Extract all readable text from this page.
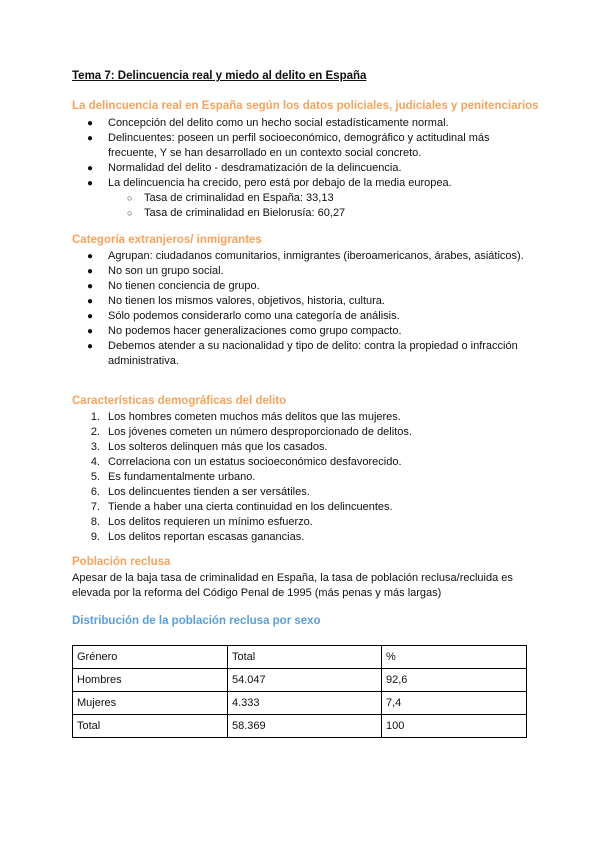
Tema 7: Delincuencia real y miedo al delito en España
La delincuencia real en España según los datos policiales, judiciales y penitenciarios
● Concepción del delito como un hecho social estadísticamente normal.
● Delincuentes: poseen un perfil socioeconómico, demográfico y actitudinal más frecuente, Y se han desarrollado en un contexto social concreto.
● Normalidad del delito - desdramatización de la delincuencia.
● La delincuencia ha crecido, pero está por debajo de la media europea.
○ Tasa de criminalidad en España: 33,13
○ Tasa de criminalidad en Bielorusía: 60,27
Categoría extranjeros/ inmigrantes
● Agrupan: ciudadanos comunitarios, inmigrantes (iberoamericanos, árabes, asiáticos).
● No son un grupo social.
● No tienen conciencia de grupo.
● No tienen los mismos valores, objetivos, historia, cultura.
● Sólo podemos considerarlo como una categoría de análisis.
● No podemos hacer generalizaciones como grupo compacto.
● Debemos atender a su nacionalidad y tipo de delito: contra la propiedad o infracción administrativa.
Características demográficas del delito
1. Los hombres cometen muchos más delitos que las mujeres.
2. Los jóvenes cometen un número desproporcionado de delitos.
3. Los solteros delinquen más que los casados.
4. Correlaciona con un estatus socioeconómico desfavorecido.
5. Es fundamentalmente urbano.
6. Los delincuentes tienden a ser versátiles.
7. Tiende a haber una cierta continuidad en los delincuentes.
8. Los delitos requieren un mínimo esfuerzo.
9. Los delitos reportan escasas ganancias.
Población reclusa
Apesar de la baja tasa de criminalidad en España, la tasa de población reclusa/recluida es elevada por la reforma del Código Penal de 1995 (más penas y más largas)
Distribución de la población reclusa por sexo
Grénero	Total	%
Hombres	54.047	92,6
Mujeres	4.333	7,4
Total	58.369	100
